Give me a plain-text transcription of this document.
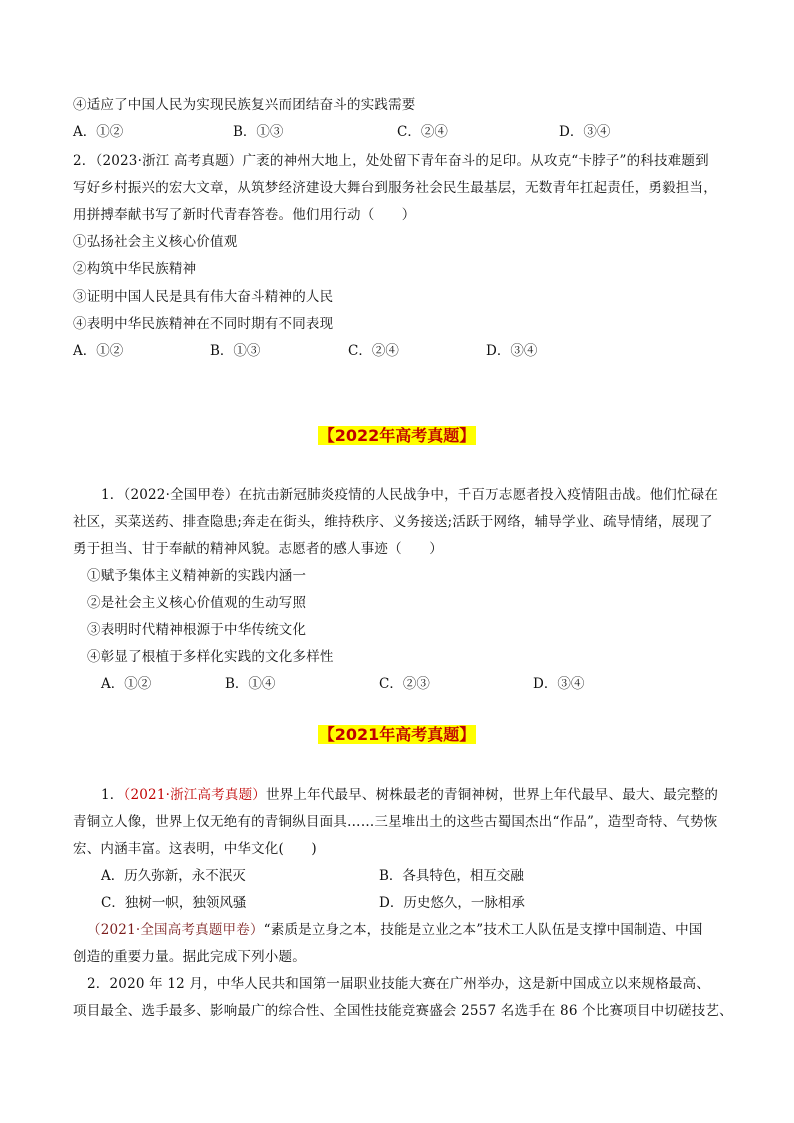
④适应了中国人民为实现民族复兴而团结奋斗的实践需要
A．①②	B．①③	C．②④	D．③④
2．（2023·浙江 高考真题）广袤的神州大地上，处处留下青年奋斗的足印。从攻克“卡脖子”的科技难题到
写好乡村振兴的宏大文章，从筑梦经济建设大舞台到服务社会民生最基层，无数青年扛起责任，勇毅担当，
用拼搏奉献书写了新时代青春答卷。他们用行动（　　）
①弘扬社会主义核心价值观
②构筑中华民族精神
③证明中国人民是具有伟大奋斗精神的人民
④表明中华民族精神在不同时期有不同表现
A．①②	B．①③	C．②④	D．③④
【2022年高考真题】
1．（2022·全国甲卷）在抗击新冠肺炎疫情的人民战争中，千百万志愿者投入疫情阻击战。他们忙碌在
社区，买菜送药、排查隐患;奔走在街头，维持秩序、义务接送;活跃于网络，辅导学业、疏导情绪，展现了
勇于担当、甘于奉献的精神风貌。志愿者的感人事迹（　　）
①赋予集体主义精神新的实践内涵一
②是社会主义核心价值观的生动写照
③表明时代精神根源于中华传统文化
④彰显了根植于多样化实践的文化多样性
A．①②	B．①④	C．②③	D．③④
【2021年高考真题】
1．（2021·浙江高考真题）世界上年代最早、树株最老的青铜神树，世界上年代最早、最大、最完整的
青铜立人像，世界上仅无绝有的青铜纵目面具……三星堆出土的这些古蜀国杰出“作品”，造型奇特、气势恢
宏、内涵丰富。这表明，中华文化(　　)
A．历久弥新，永不泯灭	B．各具特色，相互交融
C．独树一帜，独领风骚	D．历史悠久，一脉相承
（2021·全国高考真题甲卷）“素质是立身之本，技能是立业之本”技术工人队伍是支撑中国制造、中国
创造的重要力量。据此完成下列小题。
2．2020 年 12 月，中华人民共和国第一届职业技能大赛在广州举办，这是新中国成立以来规格最高、
项目最全、选手最多、影响最广的综合性、全国性技能竞赛盛会 2557 名选手在 86 个比赛项目中切磋技艺、
